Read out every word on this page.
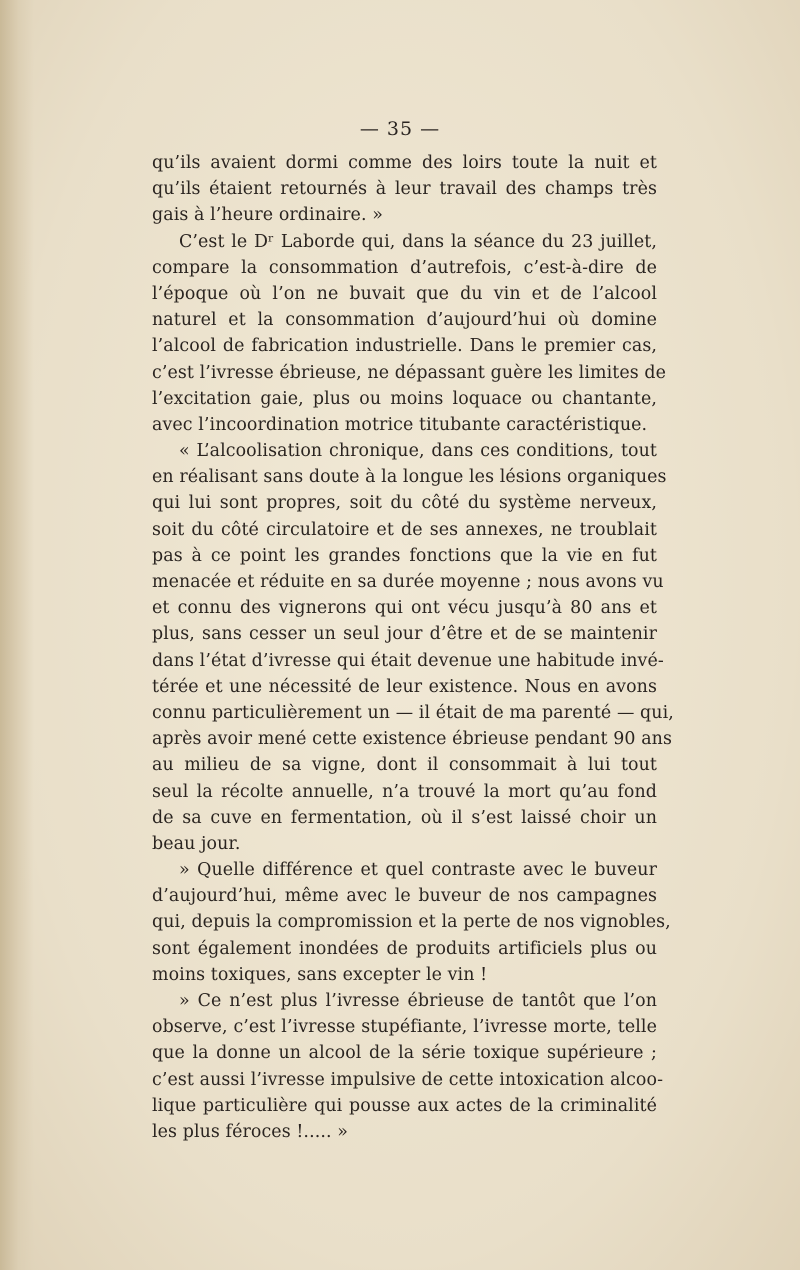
— 35 —
qu’ils avaient dormi comme des loirs toute la nuit et
qu’ils étaient retournés à leur travail des champs très
gais à l’heure ordinaire. »
C’est le Dʳ Laborde qui, dans la séance du 23 juillet,
compare la consommation d’autrefois, c’est-à-dire de
l’époque où l’on ne buvait que du vin et de l’alcool
naturel et la consommation d’aujourd’hui où domine
l’alcool de fabrication industrielle. Dans le premier cas,
c’est l’ivresse ébrieuse, ne dépassant guère les limites de
l’excitation gaie, plus ou moins loquace ou chantante,
avec l’incoordination motrice titubante caractéristique.
« L’alcoolisation chronique, dans ces conditions, tout
en réalisant sans doute à la longue les lésions organiques
qui lui sont propres, soit du côté du système nerveux,
soit du côté circulatoire et de ses annexes, ne troublait
pas à ce point les grandes fonctions que la vie en fut
menacée et réduite en sa durée moyenne ; nous avons vu
et connu des vignerons qui ont vécu jusqu’à 80 ans et
plus, sans cesser un seul jour d’être et de se maintenir
dans l’état d’ivresse qui était devenue une habitude invé-
térée et une nécessité de leur existence. Nous en avons
connu particulièrement un — il était de ma parenté — qui,
après avoir mené cette existence ébrieuse pendant 90 ans
au milieu de sa vigne, dont il consommait à lui tout
seul la récolte annuelle, n’a trouvé la mort qu’au fond
de sa cuve en fermentation, où il s’est laissé choir un
beau jour.
» Quelle différence et quel contraste avec le buveur
d’aujourd’hui, même avec le buveur de nos campagnes
qui, depuis la compromission et la perte de nos vignobles,
sont également inondées de produits artificiels plus ou
moins toxiques, sans excepter le vin !
» Ce n’est plus l’ivresse ébrieuse de tantôt que l’on
observe, c’est l’ivresse stupéfiante, l’ivresse morte, telle
que la donne un alcool de la série toxique supérieure ;
c’est aussi l’ivresse impulsive de cette intoxication alcoo-
lique particulière qui pousse aux actes de la criminalité
les plus féroces !..... »
